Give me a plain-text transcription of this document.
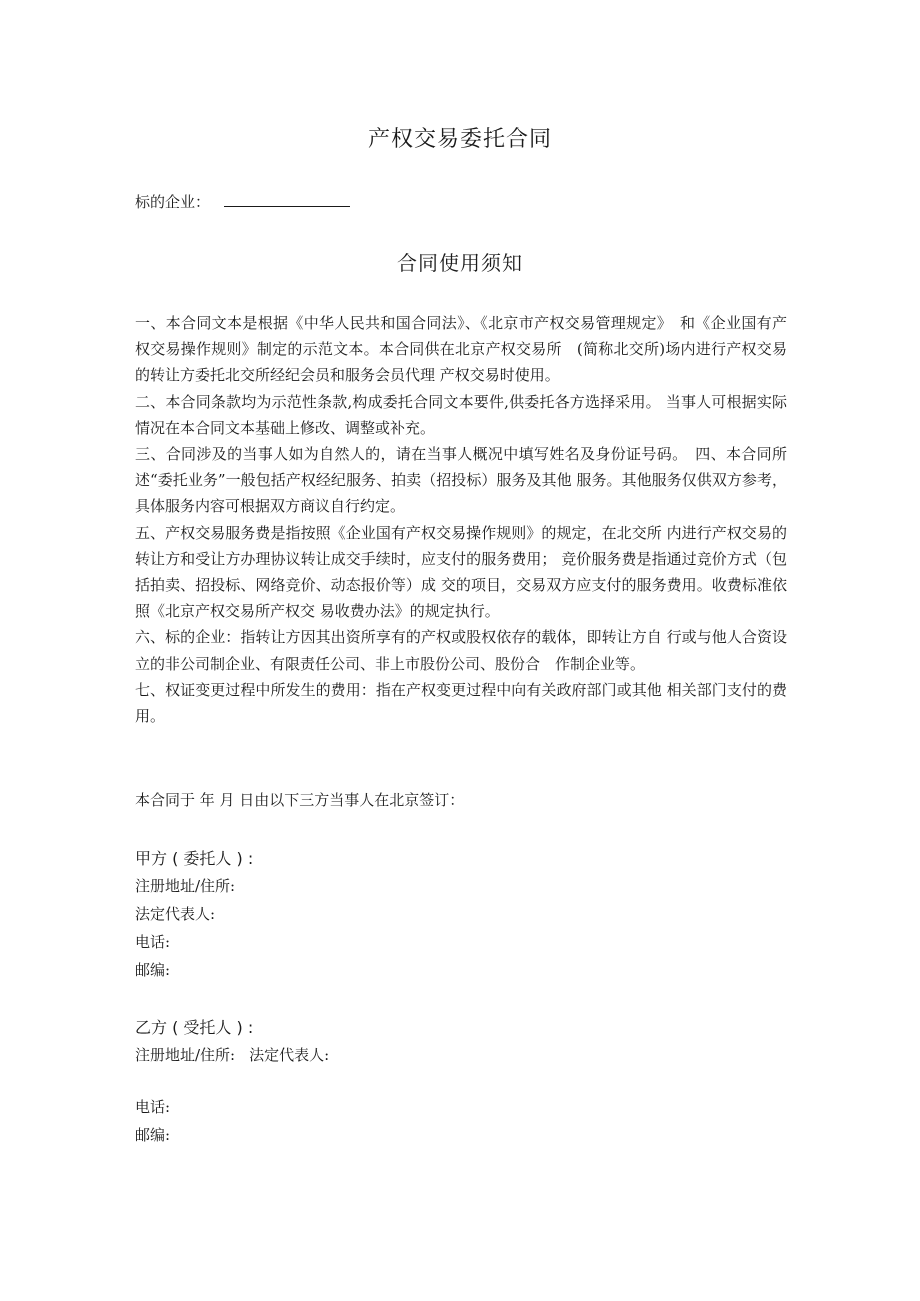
产权交易委托合同
标的企业：
合同使用须知

一、本合同文本是根据《中华人民共和国合同法》、《北京市产权交易管理规定》　和《企业国有产权交易操作规则》制定的示范文本。本合同供在北京产权交易所　(简称北交所)场内进行产权交易的转让方委托北交所经纪会员和服务会员代理 产权交易时使用。

二、本合同条款均为示范性条款,构成委托合同文本要件,供委托各方选择采用。 当事人可根据实际情况在本合同文本基础上修改、调整或补充。

三、合同涉及的当事人如为自然人的，请在当事人概况中填写姓名及身份证号码。　四、本合同所述“委托业务”一般包括产权经纪服务、拍卖（招投标）服务及其他 服务。其他服务仅供双方参考，具体服务内容可根据双方商议自行约定。

五、产权交易服务费是指按照《企业国有产权交易操作规则》的规定，在北交所 内进行产权交易的转让方和受让方办理协议转让成交手续时，应支付的服务费用； 竞价服务费是指通过竞价方式（包括拍卖、招投标、网络竞价、动态报价等）成 交的项目，交易双方应支付的服务费用。收费标准依照《北京产权交易所产权交 易收费办法》的规定执行。

六、标的企业：指转让方因其出资所享有的产权或股权依存的载体，即转让方自 行或与他人合资设立的非公司制企业、有限责任公司、非上市股份公司、股份合　作制企业等。

七、权证变更过程中所发生的费用：指在产权变更过程中向有关政府部门或其他 相关部门支付的费用。

本合同于 年 月 日由以下三方当事人在北京签订：
甲方 ( 委托人 ) :
注册地址/住所:
法定代表人:
电话:
邮编:
乙方 ( 受托人 ) :
注册地址/住所: 法定代表人:
电话:
邮编:
